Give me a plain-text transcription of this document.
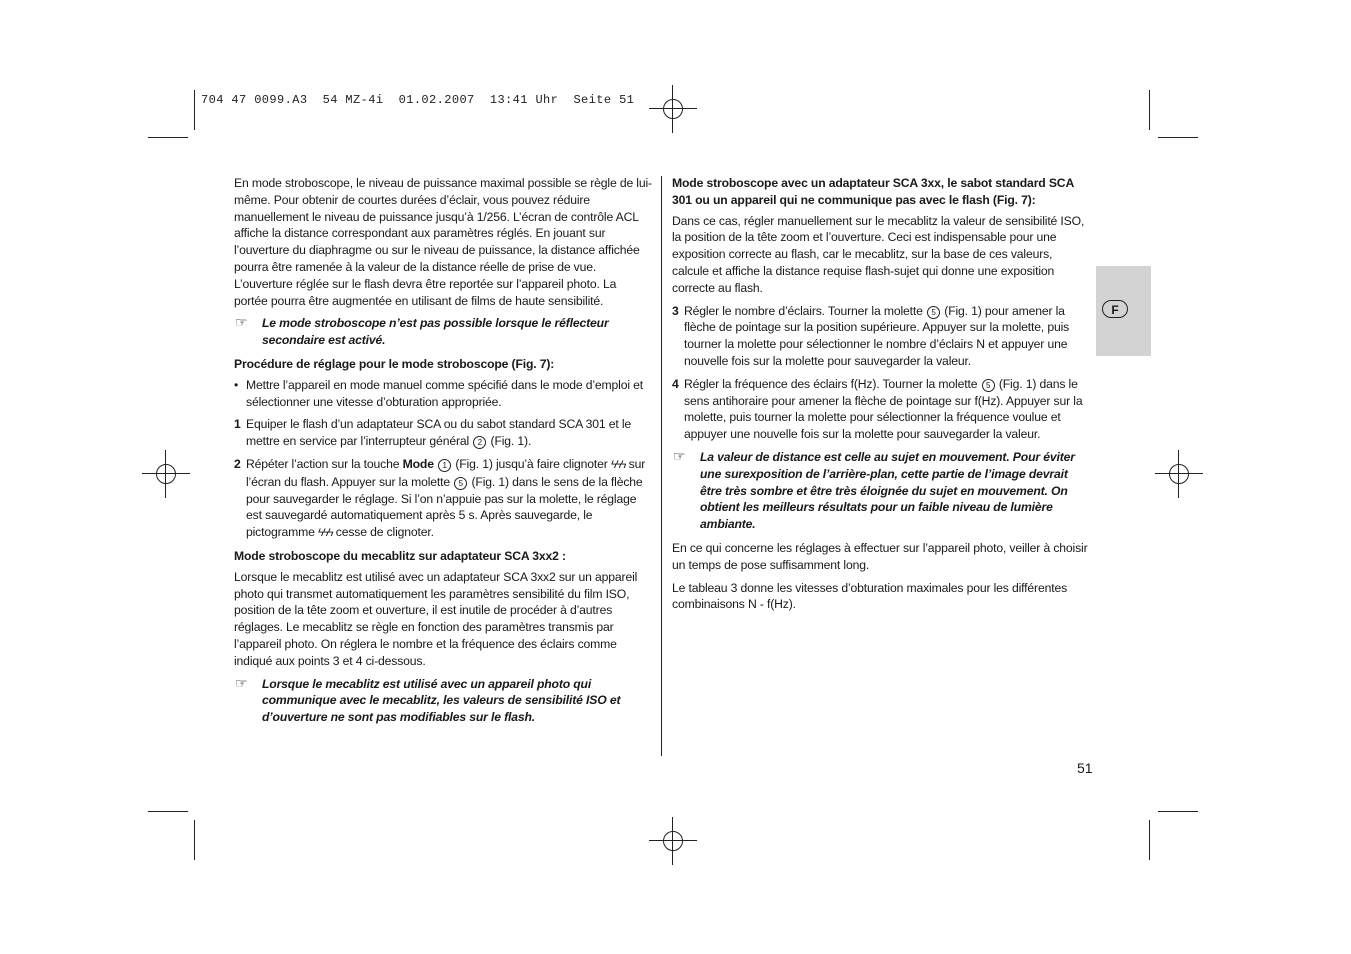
704 47 0099.A3  54 MZ-4i  01.02.2007  13:41 Uhr  Seite 51

En mode stroboscope, le niveau de puissance maximal possible se règle de lui-même. Pour obtenir de courtes durées d’éclair, vous pouvez réduire manuellement le niveau de puissance jusqu’à 1/256. L’écran de contrôle ACL affiche la distance correspondant aux paramètres réglés. En jouant sur l’ouverture du diaphragme ou sur le niveau de puissance, la distance affichée pourra être ramenée à la valeur de la distance réelle de prise de vue. L’ouverture réglée sur le flash devra être reportée sur l’appareil photo. La portée pourra être augmentée en utilisant de films de haute sensibilité.

☞ Le mode stroboscope n’est pas possible lorsque le réflecteur secondaire est activé.

Procédure de réglage pour le mode stroboscope (Fig. 7):

• Mettre l’appareil en mode manuel comme spécifié dans le mode d’emploi et sélectionner une vitesse d’obturation appropriée.
1 Equiper le flash d’un adaptateur SCA ou du sabot standard SCA 301 et le mettre en service par l’interrupteur général 2 (Fig. 1).
2 Répéter l’action sur la touche Mode 1 (Fig. 1) jusqu’à faire clignoter ϟϟϟ sur l’écran du flash. Appuyer sur la molette 5 (Fig. 1) dans le sens de la flèche pour sauvegarder le réglage. Si l’on n’appuie pas sur la molette, le réglage est sauvegardé automatiquement après 5 s. Après sauvegarde, le pictogramme ϟϟϟ cesse de clignoter.

Mode stroboscope du mecablitz sur adaptateur SCA 3xx2 :

Lorsque le mecablitz est utilisé avec un adaptateur SCA 3xx2 sur un appareil photo qui transmet automatiquement les paramètres sensibilité du film ISO, position de la tête zoom et ouverture, il est inutile de procéder à d’autres réglages. Le mecablitz se règle en fonction des paramètres transmis par l’appareil photo. On réglera le nombre et la fréquence des éclairs comme indiqué aux points 3 et 4 ci-dessous.

☞ Lorsque le mecablitz est utilisé avec un appareil photo qui communique avec le mecablitz, les valeurs de sensibilité ISO et d’ouverture ne sont pas modifiables sur le flash.

Mode stroboscope avec un adaptateur SCA 3xx, le sabot standard SCA 301 ou un appareil qui ne communique pas avec le flash (Fig. 7):

Dans ce cas, régler manuellement sur le mecablitz la valeur de sensibilité ISO, la position de la tête zoom et l’ouverture. Ceci est indispensable pour une exposition correcte au flash, car le mecablitz, sur la base de ces valeurs, calcule et affiche la distance requise flash-sujet qui donne une exposition correcte au flash.

3 Régler le nombre d’éclairs. Tourner la molette 5 (Fig. 1) pour amener la flèche de pointage sur la position supérieure. Appuyer sur la molette, puis tourner la molette pour sélectionner le nombre d’éclairs N et appuyer une nouvelle fois sur la molette pour sauvegarder la valeur.
4 Régler la fréquence des éclairs f(Hz). Tourner la molette 5 (Fig. 1) dans le sens antihoraire pour amener la flèche de pointage sur f(Hz). Appuyer sur la molette, puis tourner la molette pour sélectionner la fréquence voulue et appuyer une nouvelle fois sur la molette pour sauvegarder la valeur.
☞ La valeur de distance est celle au sujet en mouvement. Pour éviter une surexposition de l’arrière-plan, cette partie de l’image devrait être très sombre et être très éloignée du sujet en mouvement. On obtient les meilleurs résultats pour un faible niveau de lumière ambiante.

En ce qui concerne les réglages à effectuer sur l’appareil photo, veiller à choisir un temps de pose suffisamment long.

Le tableau 3 donne les vitesses d’obturation maximales pour les différentes combinaisons N - f(Hz).

F
51
